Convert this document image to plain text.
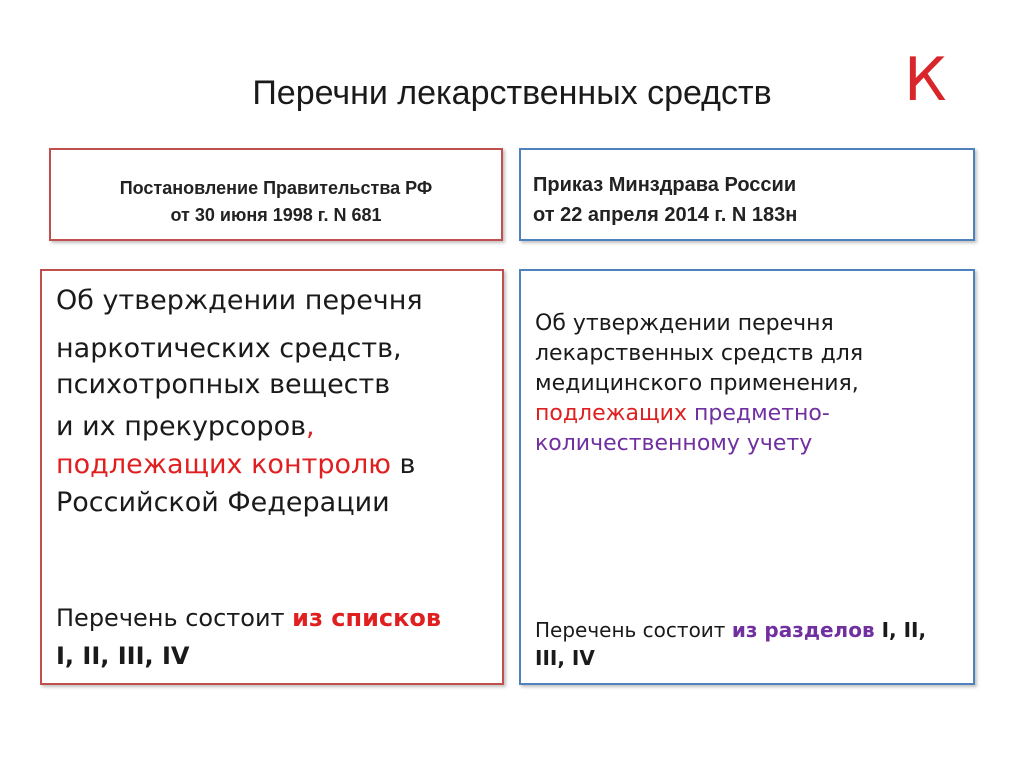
Перечни лекарственных средств	К
Постановление Правительства РФ
от 30 июня 1998 г. N 681
Приказ Минздрава России
от 22 апреля 2014 г. N 183н
Об утверждении перечня
наркотических средств,
психотропных веществ
и их прекурсоров,
подлежащих контролю в
Российской Федерации
Перечень состоит из списков
I, II, III, IV
Об утверждении перечня
лекарственных средств для
медицинского применения,
подлежащих предметно-
количественному учету
Перечень состоит из разделов I, II,
III, IV
